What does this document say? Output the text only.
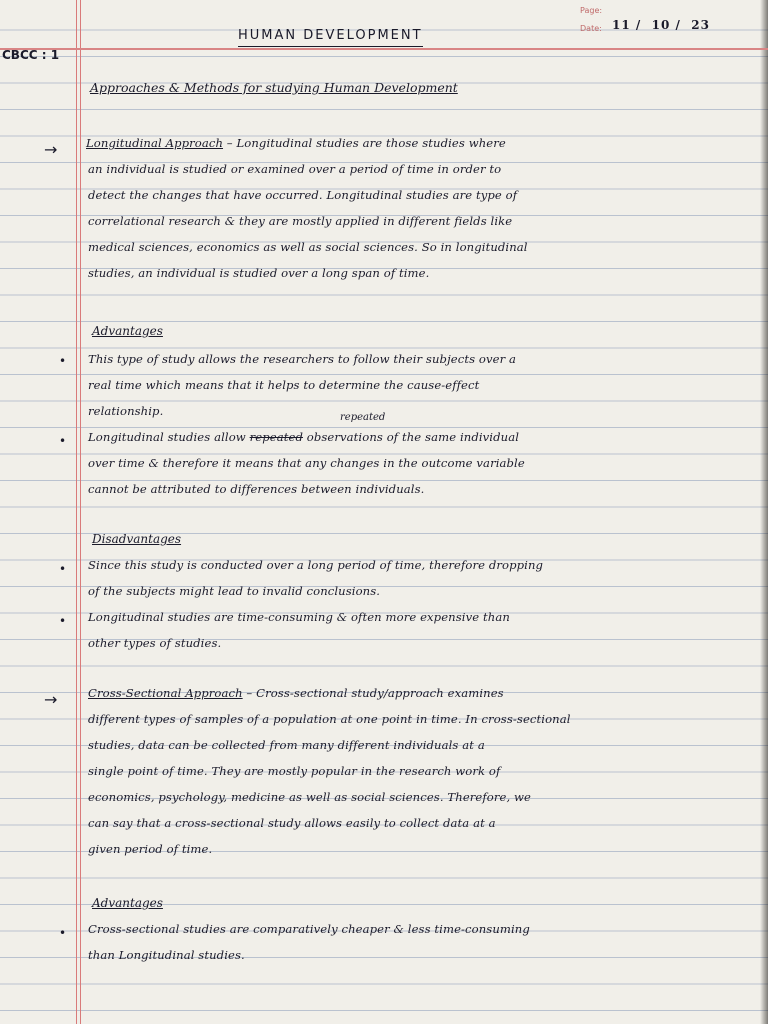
Page:
Date: 11 /  10 /  23
CBCC : 1
HUMAN DEVELOPMENT
Approaches & Methods for studying Human Development
→ Longitudinal Approach – Longitudinal studies are those studies where
an individual is studied or examined over a period of time in order to
detect the changes that have occurred. Longitudinal studies are type of
correlational research & they are mostly applied in different fields like
medical sciences, economics as well as social sciences. So in longitudinal
studies, an individual is studied over a long span of time.
Advantages
• This type of study allows the researchers to follow their subjects over a
real time which means that it helps to determine the cause-effect
relationship.	repeated
• Longitudinal studies allow repeated observations of the same individual
over time & therefore it means that any changes in the outcome variable
cannot be attributed to differences between individuals.
Disadvantages
• Since this study is conducted over a long period of time, therefore dropping
of the subjects might lead to invalid conclusions.
• Longitudinal studies are time-consuming & often more expensive than
other types of studies.
→	Cross-Sectional Approach – Cross-sectional study/approach examines
different types of samples of a population at one point in time. In cross-sectional
studies, data can be collected from many different individuals at a
single point of time. They are mostly popular in the research work of
economics, psychology, medicine as well as social sciences. Therefore, we
can say that a cross-sectional study allows easily to collect data at a
given period of time.
Advantages
• Cross-sectional studies are comparatively cheaper & less time-consuming
than Longitudinal studies.
